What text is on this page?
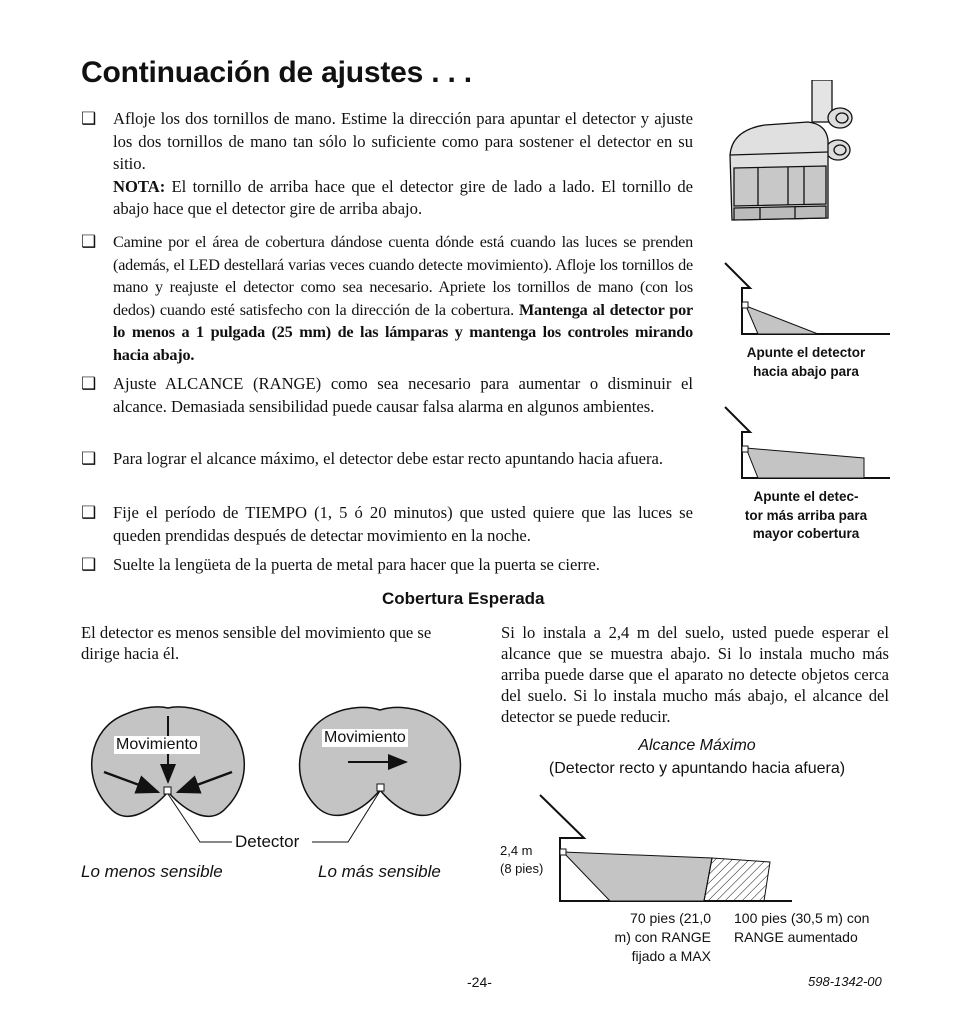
Continuación de ajustes . . .
❑ Afloje los dos tornillos de mano. Estime la dirección para apuntar el detector y ajuste los dos tornillos de mano tan sólo lo suficiente como para sostener el detector en su sitio.
NOTA: El tornillo de arriba hace que el detector gire de lado a lado. El tornillo de abajo hace que el detector gire de arriba abajo.
❑ Camine por el área de cobertura dándose cuenta dónde está cuando las luces se prenden (además, el LED destellará varias veces cuando detecte movimiento). Afloje los tornillos de mano y reajuste el detector como sea necesario. Apriete los tornillos de mano (con los dedos) cuando esté satisfecho con la dirección de la cobertura. Mantenga al detector por lo menos a 1 pulgada (25 mm) de las lámparas y mantenga los controles mirando hacia abajo.
❑ Ajuste ALCANCE (RANGE) como sea necesario para aumentar o disminuir el alcance. Demasiada sensibilidad puede causar falsa alarma en algunos ambientes.
❑ Para lograr el alcance máximo, el detector debe estar recto apuntando hacia afuera.
❑ Fije el período de TIEMPO (1, 5 ó 20 minutos) que usted quiere que las luces se queden prendidas después de detectar movimiento en la noche.
❑ Suelte la lengüeta de la puerta de metal para hacer que la puerta se cierre.
Apunte el detector
hacia abajo para
Apunte el detec-
tor más arriba para
mayor cobertura
Cobertura Esperada
El detector es menos sensible del movimiento que se dirige hacia él.
Si lo instala a 2,4 m del suelo, usted puede esperar el alcance que se muestra abajo. Si lo instala mucho más arriba puede darse que el aparato no detecte objetos cerca del suelo. Si lo instala mucho más abajo, el alcance del detector se puede reducir.
Movimiento	Movimiento
Detector
Lo menos sensible	Lo más sensible
Alcance Máximo
(Detector recto y apuntando hacia afuera)
2,4 m
(8 pies)
70 pies (21,0
m) con RANGE
fijado a MAX
100 pies (30,5 m) con
RANGE aumentado
-24-	598-1342-00
